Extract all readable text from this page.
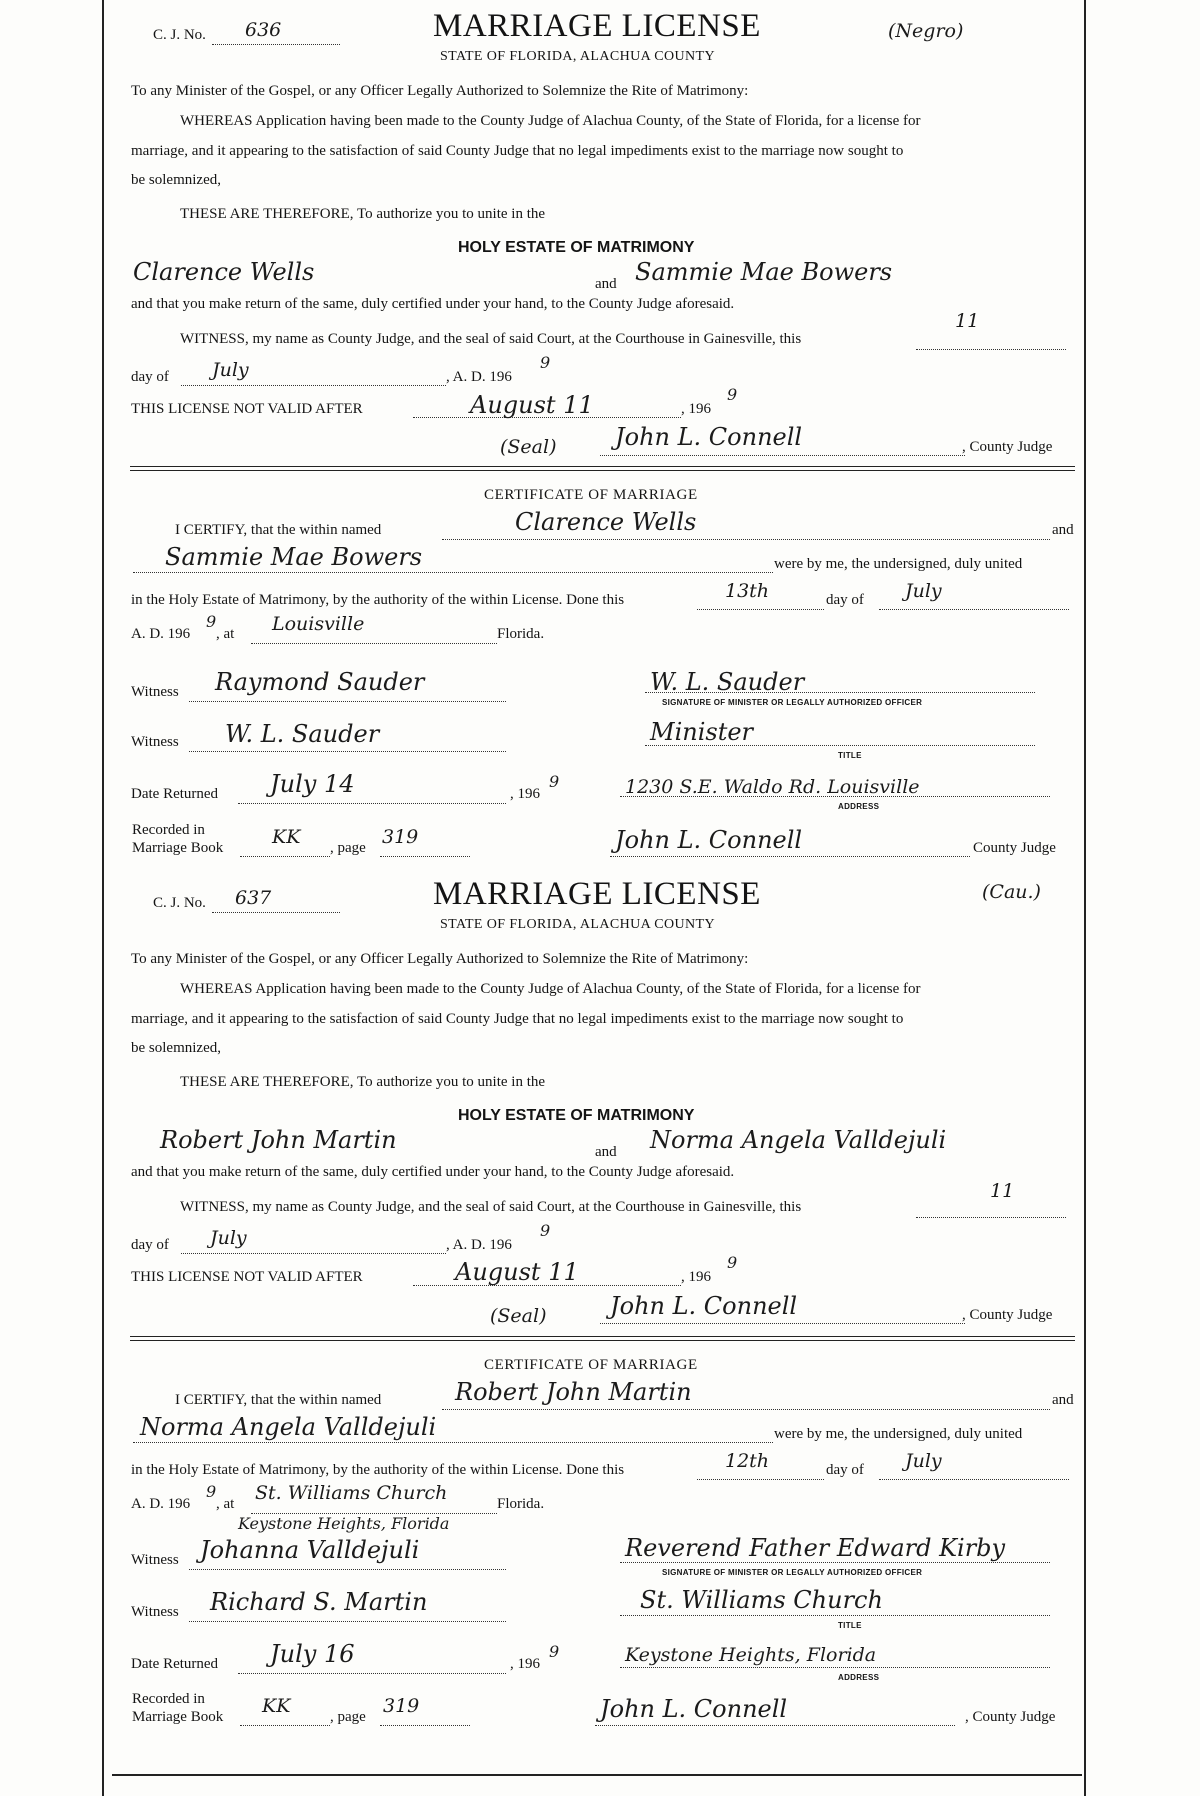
C. J. No. 636	MARRIAGE LICENSE
STATE OF FLORIDA, ALACHUA COUNTY
(Negro)
To any Minister of the Gospel, or any Officer Legally Authorized to Solemnize the Rite of Matrimony:
WHEREAS Application having been made to the County Judge of Alachua County, of the State of Florida, for a license for
marriage, and it appearing to the satisfaction of said County Judge that no legal impediments exist to the marriage now sought to
be solemnized,
THESE ARE THEREFORE, To authorize you to unite in the
HOLY ESTATE OF MATRIMONY
Clarence Wells	and Sammie Mae Bowers
and that you make return of the same, duly certified under your hand, to the County Judge aforesaid.
WITNESS, my name as County Judge, and the seal of said Court, at the Courthouse in Gainesville, this
11
day of July	, A. D. 196
9
THIS LICENSE NOT VALID AFTER	August 11	, 196
9
(Seal) John L. Connell	, County Judge
CERTIFICATE OF MARRIAGE
I CERTIFY, that the within named	Clarence Wells	and
Sammie Mae Bowers	were by me, the undersigned, duly united
in the Holy Estate of Matrimony, by the authority of the within License. Done this	13th	day of July
A. D. 196
9
, at Louisville	Florida.
Witness Raymond Sauder	W. L. Sauder
SIGNATURE OF MINISTER OR LEGALLY AUTHORIZED OFFICER
Witness W. L. Sauder	Minister
TITLE
Date Returned July 14	, 196
9	1230 S.E. Waldo Rd. Louisville
ADDRESS
Recorded in
Marriage Book	KK , page 319	John L. Connell	County Judge
C. J. No. 637	MARRIAGE LICENSE
STATE OF FLORIDA, ALACHUA COUNTY
(Cau.)
To any Minister of the Gospel, or any Officer Legally Authorized to Solemnize the Rite of Matrimony:
WHEREAS Application having been made to the County Judge of Alachua County, of the State of Florida, for a license for
marriage, and it appearing to the satisfaction of said County Judge that no legal impediments exist to the marriage now sought to
be solemnized,
THESE ARE THEREFORE, To authorize you to unite in the
HOLY ESTATE OF MATRIMONY
Robert John Martin	and Norma Angela Valldejuli
and that you make return of the same, duly certified under your hand, to the County Judge aforesaid.
WITNESS, my name as County Judge, and the seal of said Court, at the Courthouse in Gainesville, this
11
day of July	, A. D. 196
9
THIS LICENSE NOT VALID AFTER	August 11	, 196
9
(Seal)	John L. Connell	, County Judge
CERTIFICATE OF MARRIAGE
I CERTIFY, that the within named	Robert John Martin	and
Norma Angela Valldejuli	were by me, the undersigned, duly united
in the Holy Estate of Matrimony, by the authority of the within License. Done this	12th	day of July
A. D. 196
9
, at St. Williams Church	Florida.
Keystone Heights, Florida
Witness Johanna Valldejuli	Reverend Father Edward Kirby
SIGNATURE OF MINISTER OR LEGALLY AUTHORIZED OFFICER
Witness Richard S. Martin	St. Williams Church
TITLE
Date Returned July 16	, 196
9	Keystone Heights, Florida
ADDRESS
Recorded in
Marriage Book KK	, page 319	John L. Connell	, County Judge
